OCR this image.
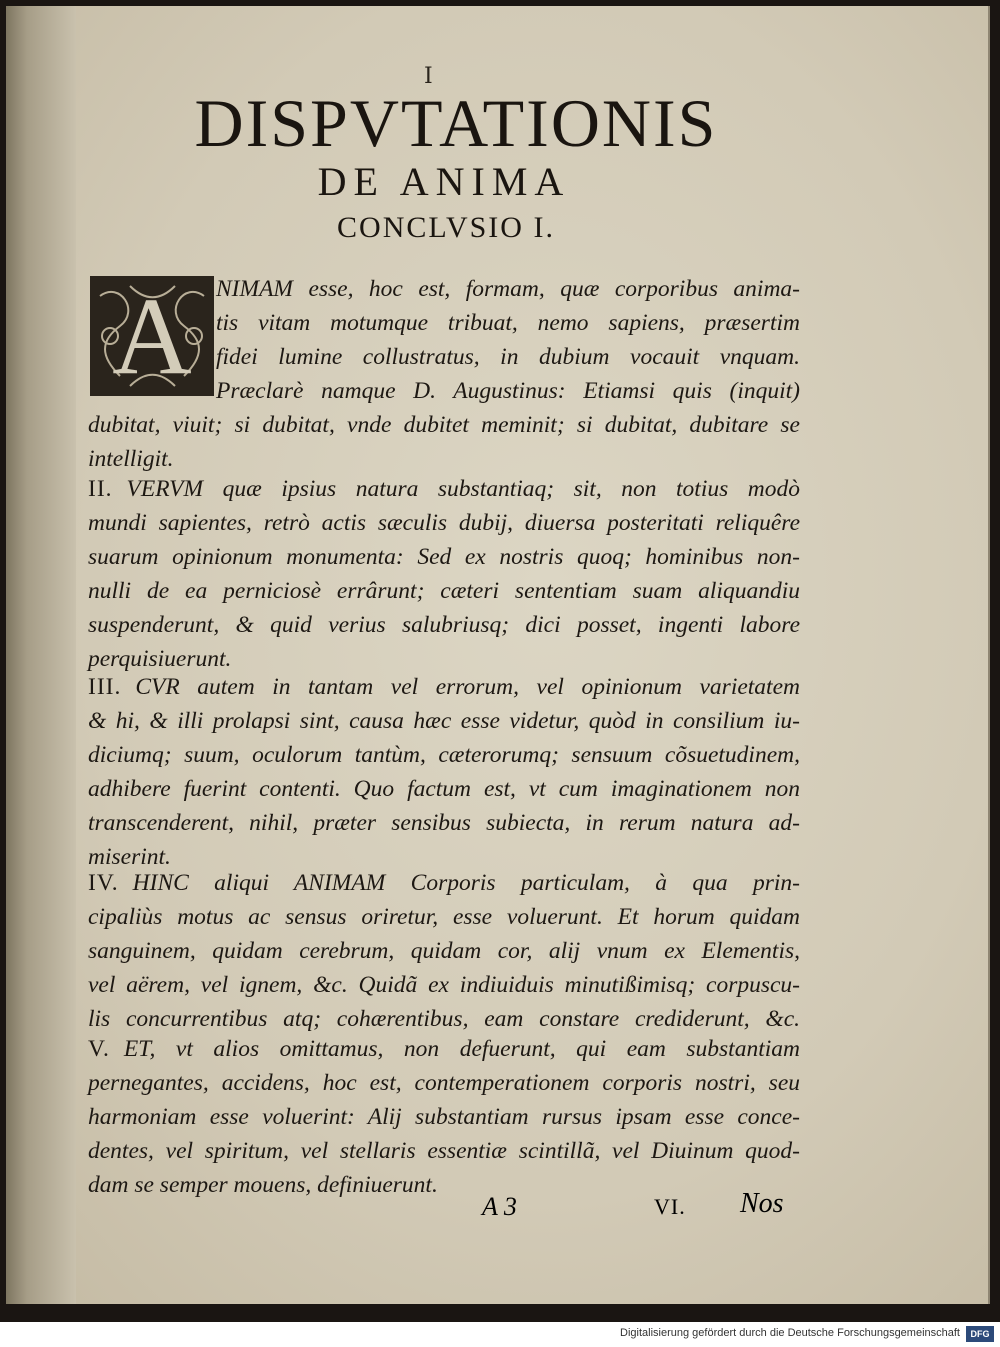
I
DISPVTATIONIS
DE ANIMA
CONCLVSIO I.
A NIMAM esse, hoc est, formam, quæ corporibus anima-
tis vitam motumque tribuat, nemo sapiens, præsertim
fidei lumine collustratus, in dubium vocauit vnquam.
Præclarè namque D. Augustinus: Etiamsi quis (inquit)
dubitat, viuit; si dubitat, vnde dubitet meminit; si dubitat, dubitare se
intelligit.
II. VERVM quæ ipsius natura substantiaq; sit, non totius modò
mundi sapientes, retrò actis sæculis dubij, diuersa posteritati reliquêre
suarum opinionum monumenta: Sed ex nostris quoq; hominibus non-
nulli de ea perniciosè errârunt; cæteri sententiam suam aliquandiu
suspenderunt, & quid verius salubriusq; dici posset, ingenti labore
perquisiuerunt.
III. CVR autem in tantam vel errorum, vel opinionum varietatem
& hi, & illi prolapsi sint, causa hæc esse videtur, quòd in consilium iu-
diciumq; suum, oculorum tantùm, cæterorumq; sensuum cõsuetudinem,
adhibere fuerint contenti. Quo factum est, vt cum imaginationem non
transcenderent, nihil, præter sensibus subiecta, in rerum natura ad-
miserint.
IV. HINC aliqui ANIMAM Corporis particulam, à qua prin-
cipaliùs motus ac sensus oriretur, esse voluerunt. Et horum quidam
sanguinem, quidam cerebrum, quidam cor, alij vnum ex Elementis,
vel aërem, vel ignem, &c. Quidã ex indiuiduis minutißimisq; corpuscu-
lis concurrentibus atq; cohærentibus, eam constare crediderunt, &c.
V. ET, vt alios omittamus, non defuerunt, qui eam substantiam
pernegantes, accidens, hoc est, contemperationem corporis nostri, seu
harmoniam esse voluerint: Alij substantiam rursus ipsam esse conce-
dentes, vel spiritum, vel stellaris essentiæ scintillã, vel Diuinum quod-
dam se semper mouens, definiuerunt.
A 3	VI. Nos
Digitalisierung gefördert durch die Deutsche Forschungsgemeinschaft	DFG
